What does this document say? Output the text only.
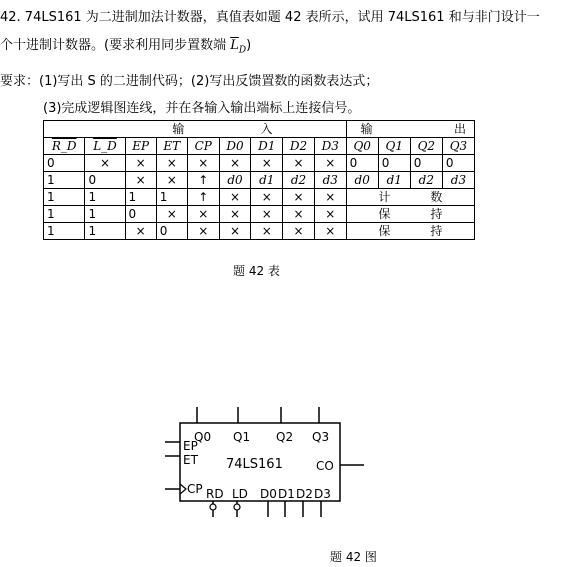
42. 74LS161 为二进制加法计数器，真值表如题 42 表所示，试用 74LS161 和与非门设计一
个十进制计数器。(要求利用同步置数端 $\overline{L}_D$)
要求：(1)写出 S 的二进制代码；(2)写出反馈置数的函数表达式；
(3)完成逻辑图连线，并在各输入输出端标上连接信号。
输				入					输		出	
R_D	L_D	EP	ET	CP	D0	D1	D2	D3	Q0	Q1	Q2	Q3
0	×	×	×	×	×	×	×	×	0	0	0	0
1	0	×	×	↑	d0	d1	d2	d3	d0	d1	d2	d3
1	1	1	1	↑	×	×	×	×	计 数			
1	1	0	×	×	×	×	×	×	保 持			
1	1	×	0	×	×	×	×	×	保 持			
题 42 表
Q0 Q1 Q2 Q3
EP
ET
CP
74LS161	CO
RD LD D0 D1 D2 D3
题 42 图
